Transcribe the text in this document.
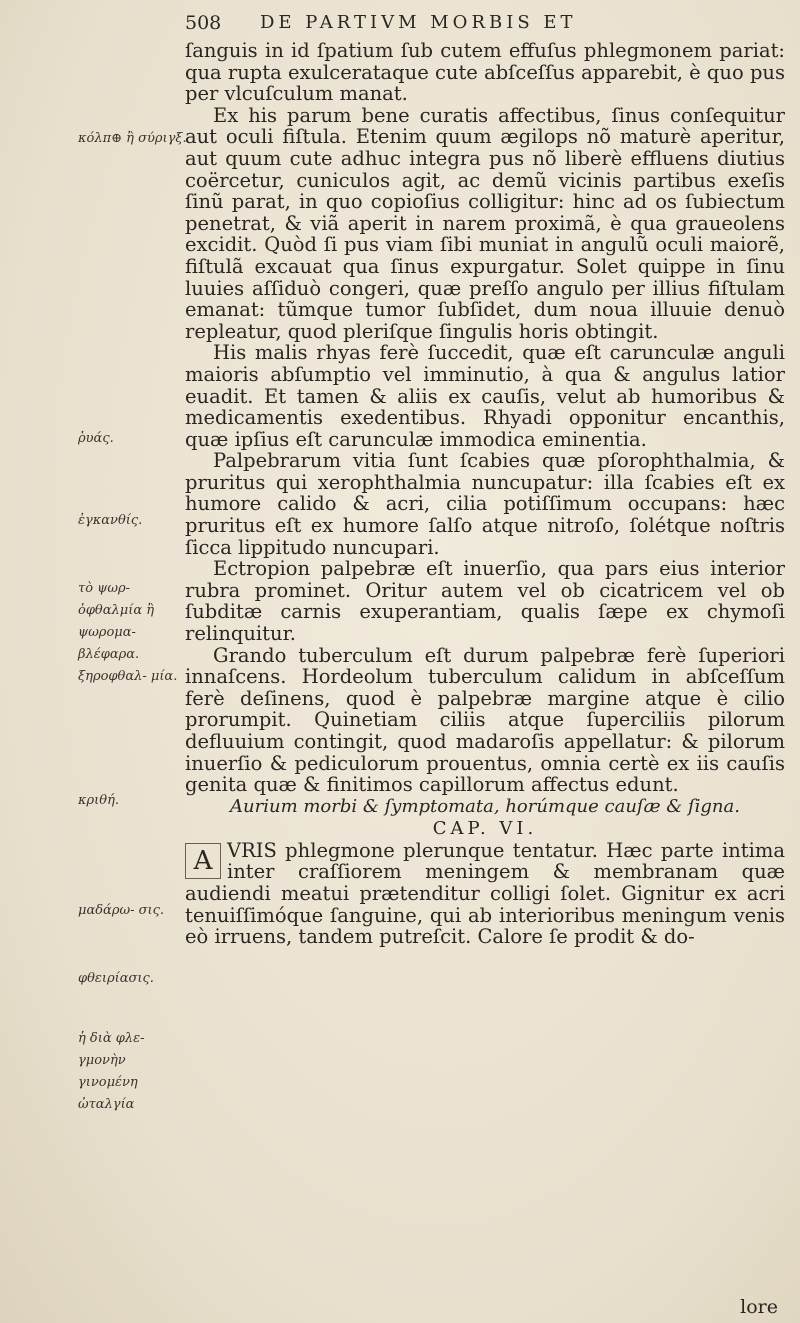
508 DE PARTIVM MORBIS ET
κόλπ⊕ ἢ σύριγξ.
ῥυάς.
ἐγκανθίς.
τὸ ψωρ- ὀφθαλμία ἢ ψωρομα- βλέφαρα.
ξηροφθαλ- μία.
κριθή.
μαδάρω- σις.
φθειρίασις.
ἡ διὰ φλε- γμονὴν γινομένη ὠταλγία

ſanguis in id ſpatium ſub cutem effuſus phlegmonem pariat: qua rupta exulcerataque cute abſceſſus apparebit, è quo pus per vlcuſculum manat.

Ex his parum bene curatis affectibus, ſinus conſequitur aut oculi fiſtula. Etenim quum ægilops nõ maturè aperitur, aut quum cute adhuc integra pus nõ liberè effluens diutius coërcetur, cuniculos agit, ac demũ vicinis partibus exeſis ſinũ parat, in quo copioſius colligitur: hinc ad os ſubiectum penetrat, & viã aperit in narem proximã, è qua graueolens excidit. Quòd ſi pus viam ſibi muniat in angulũ oculi maiorẽ, fiſtulã excauat qua ſinus expurgatur. Solet quippe in ſinu luuies aſſiduò congeri, quæ preſſo angulo per illius fiſtulam emanat: tũmque tumor ſubſidet, dum noua illuuie denuò repleatur, quod pleriſque ſingulis horis obtingit.

His malis rhyas ferè ſuccedit, quæ eſt carunculæ anguli maioris abſumptio vel imminutio, à qua & angulus latior euadit. Et tamen & aliis ex cauſis, velut ab humoribus & medicamentis exedentibus. Rhyadi opponitur encanthis, quæ ipſius eſt carunculæ immodica eminentia.

Palpebrarum vitia ſunt ſcabies quæ pſorophthalmia, & pruritus qui xerophthalmia nuncupatur: illa ſcabies eſt ex humore calido & acri, cilia potiſſimum occupans: hæc pruritus eſt ex humore ſalſo atque nitroſo, ſolétque noſtris ſicca lippitudo nuncupari.

Ectropion palpebræ eſt inuerſio, qua pars eius interior rubra prominet. Oritur autem vel ob cicatricem vel ob ſubditæ carnis exuperantiam, qualis ſæpe ex chymoſi relinquitur.

Grando tuberculum eſt durum palpebræ ferè ſuperiori innaſcens. Hordeolum tuberculum calidum in abſceſſum ferè deſinens, quod è palpebræ margine atque è cilio prorumpit. Quinetiam ciliis atque ſuperciliis pilorum defluuium contingit, quod madaroſis appellatur: & pilorum inuerſio & pediculorum prouentus, omnia certè ex iis cauſis genita quæ & finitimos capillorum affectus edunt.

Aurium morbi & ſymptomata, horúmque cauſæ & ſigna.

CAP. VI.

A VRIS phlegmone plerunque tentatur. Hæc parte intima inter craſſiorem meningem & membranam quæ audiendi meatui prætenditur colligi ſolet. Gignitur ex acri tenuiſſimóque ſanguine, qui ab interioribus meningum venis eò irruens, tandem putreſcit. Calore ſe prodit & do-

lore
